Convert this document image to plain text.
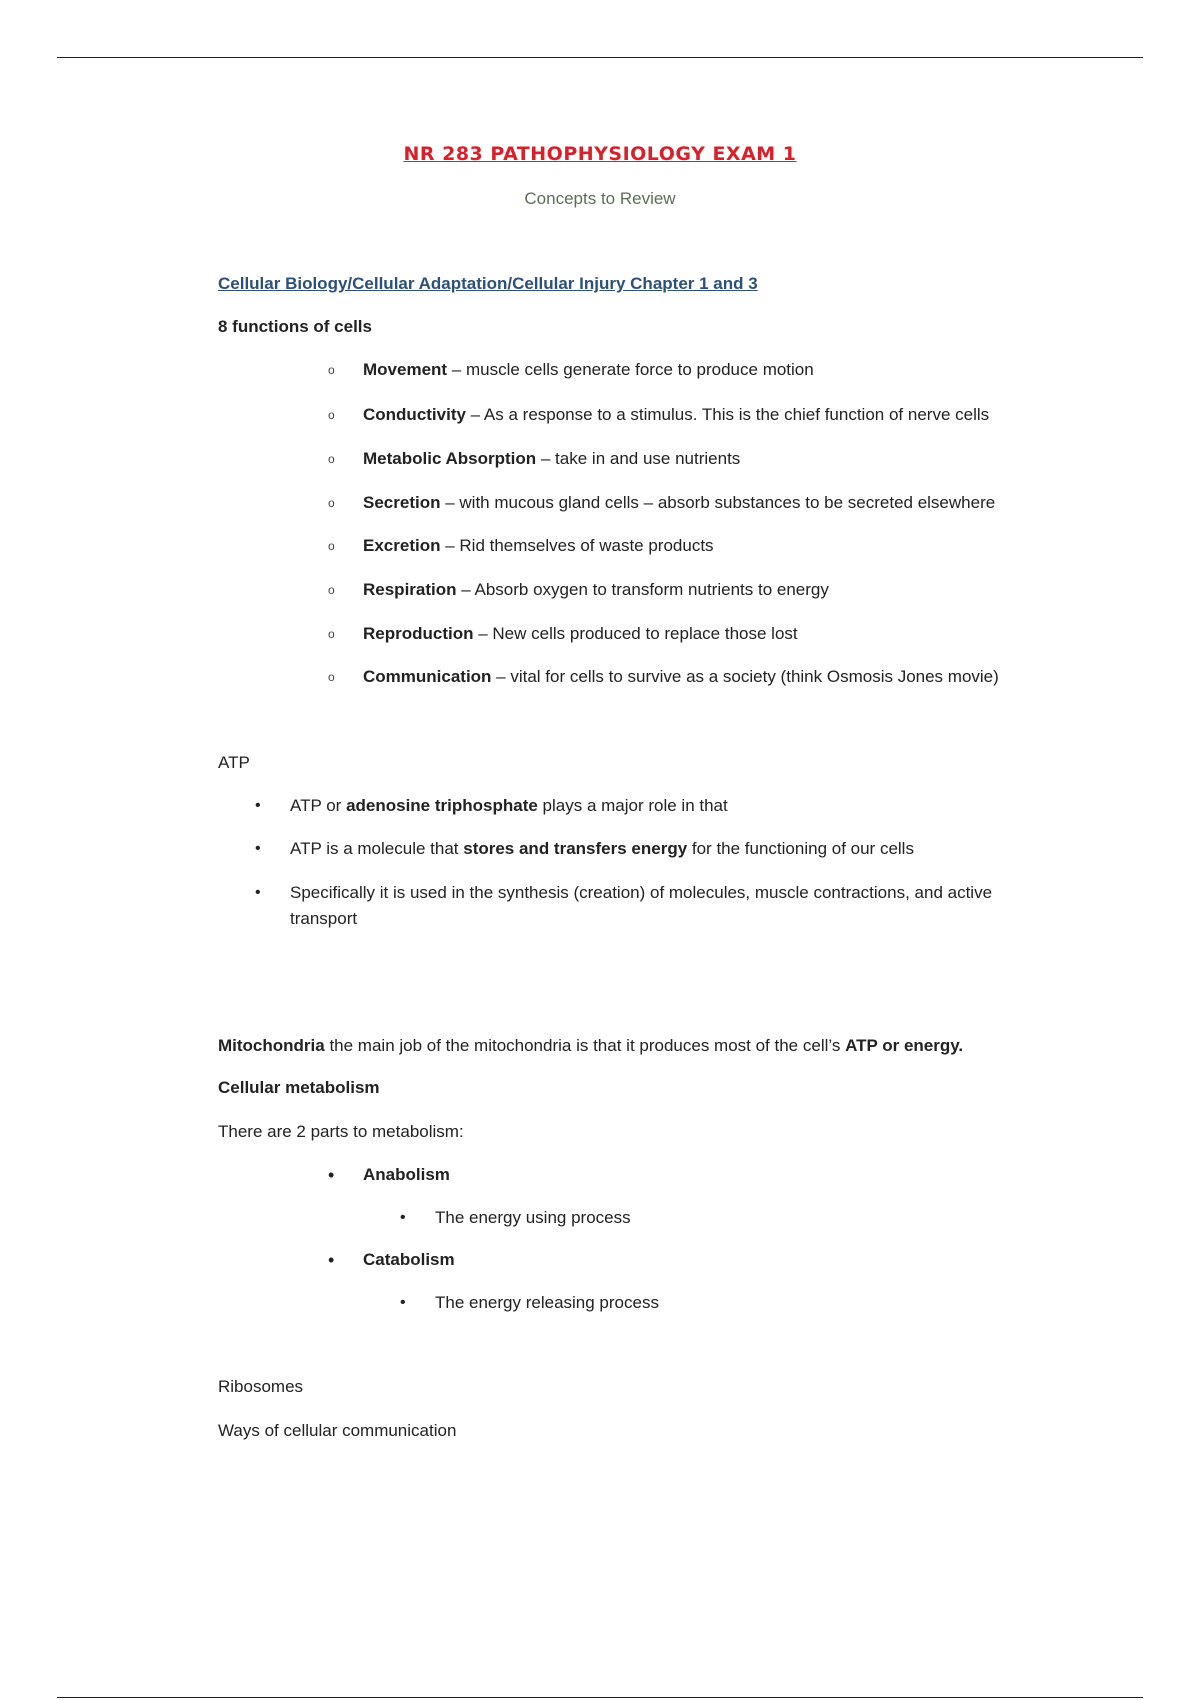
NR 283 PATHOPHYSIOLOGY EXAM 1
Concepts to Review
Cellular Biology/Cellular Adaptation/Cellular Injury Chapter 1 and 3
8 functions of cells
o Movement – muscle cells generate force to produce motion
o Conductivity – As a response to a stimulus. This is the chief function of nerve cells
o Metabolic Absorption – take in and use nutrients
o Secretion – with mucous gland cells – absorb substances to be secreted elsewhere
o Excretion – Rid themselves of waste products
o Respiration – Absorb oxygen to transform nutrients to energy
o Reproduction – New cells produced to replace those lost
o Communication – vital for cells to survive as a society (think Osmosis Jones movie)
ATP
• ATP or adenosine triphosphate plays a major role in that
• ATP is a molecule that stores and transfers energy for the functioning of our cells
• Specifically it is used in the synthesis (creation) of molecules, muscle contractions, and active transport
Mitochondria the main job of the mitochondria is that it produces most of the cell’s ATP or energy.
Cellular metabolism
There are 2 parts to metabolism:
• Anabolism
• The energy using process
• Catabolism
• The energy releasing process
Ribosomes
Ways of cellular communication
